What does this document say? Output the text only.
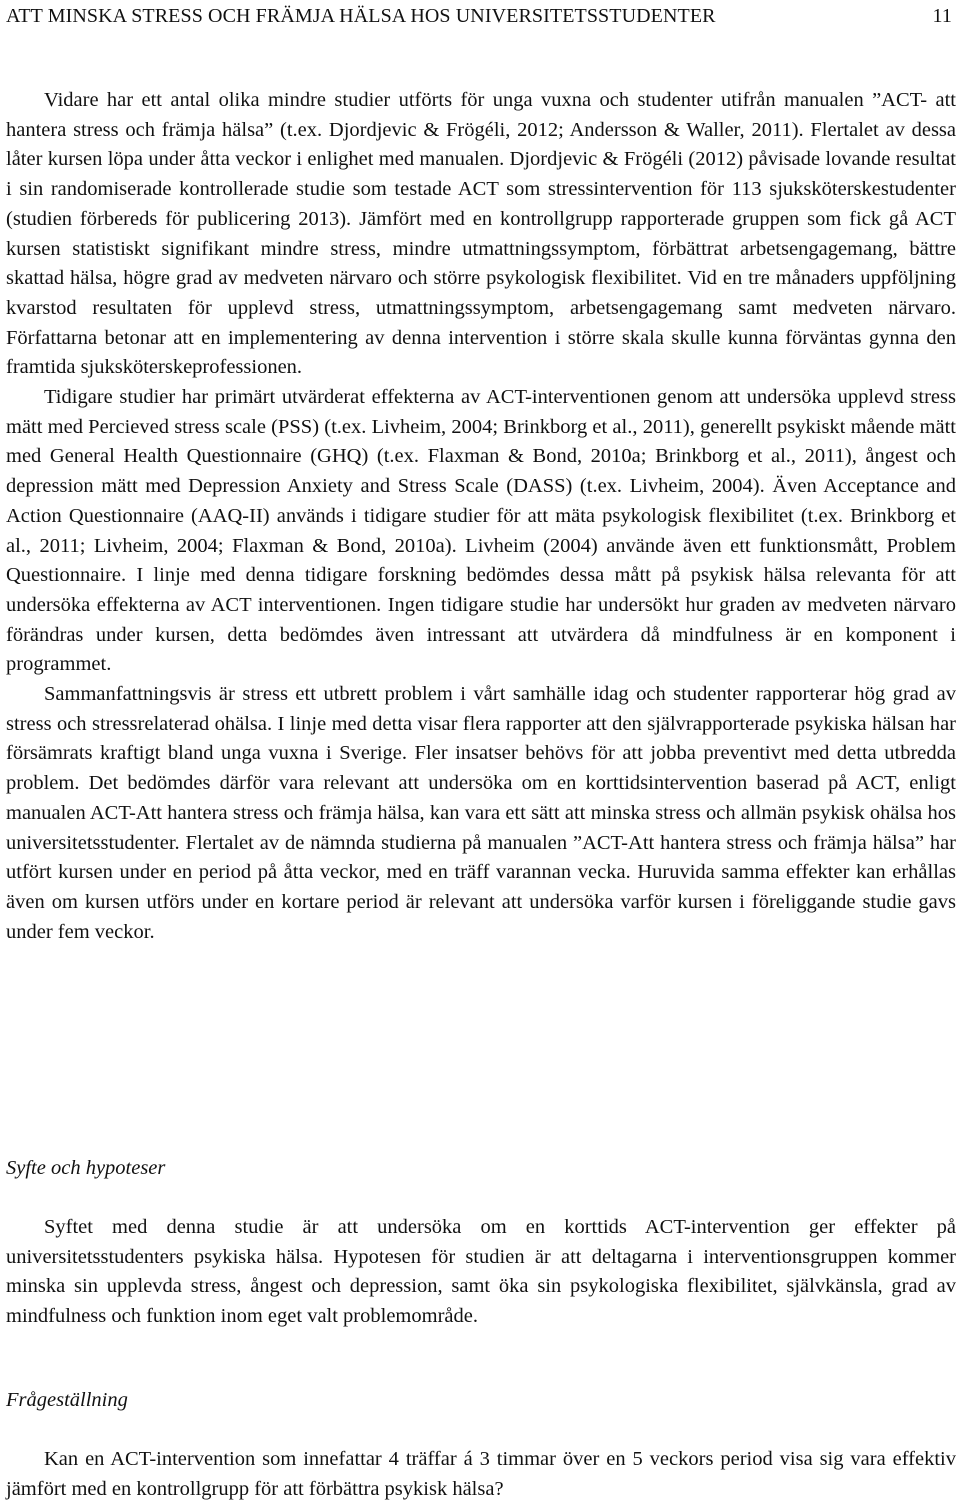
ATT MINSKA STRESS OCH FRÄMJA HÄLSA HOS UNIVERSITETSSTUDENTER	11

Vidare har ett antal olika mindre studier utförts för unga vuxna och studenter utifrån manualen ”ACT- att hantera stress och främja hälsa” (t.ex. Djordjevic & Frögéli, 2012; Andersson & Waller, 2011). Flertalet av dessa låter kursen löpa under åtta veckor i enlighet med manualen. Djordjevic & Frögéli (2012) påvisade lovande resultat i sin randomiserade kontrollerade studie som testade ACT som stressintervention för 113 sjuksköterskestudenter (studien förbereds för publicering 2013). Jämfört med en kontrollgrupp rapporterade gruppen som fick gå ACT kursen statistiskt signifikant mindre stress, mindre utmattningssymptom, förbättrat arbetsengagemang, bättre skattad hälsa, högre grad av medveten närvaro och större psykologisk flexibilitet. Vid en tre månaders uppföljning kvarstod resultaten för upplevd stress, utmattningssymptom, arbetsengagemang samt medveten närvaro. Författarna betonar att en implementering av denna intervention i större skala skulle kunna förväntas gynna den framtida sjuksköterskeprofessionen.

Tidigare studier har primärt utvärderat effekterna av ACT-interventionen genom att undersöka upplevd stress mätt med Percieved stress scale (PSS) (t.ex. Livheim, 2004; Brinkborg et al., 2011), generellt psykiskt mående mätt med General Health Questionnaire (GHQ) (t.ex. Flaxman & Bond, 2010a; Brinkborg et al., 2011), ångest och depression mätt med Depression Anxiety and Stress Scale (DASS) (t.ex. Livheim, 2004). Även Acceptance and Action Questionnaire (AAQ-II) används i tidigare studier för att mäta psykologisk flexibilitet (t.ex. Brinkborg et al., 2011; Livheim, 2004; Flaxman & Bond, 2010a). Livheim (2004) använde även ett funktionsmått, Problem Questionnaire. I linje med denna tidigare forskning bedömdes dessa mått på psykisk hälsa relevanta för att undersöka effekterna av ACT interventionen. Ingen tidigare studie har undersökt hur graden av medveten närvaro förändras under kursen, detta bedömdes även intressant att utvärdera då mindfulness är en komponent i programmet.

Sammanfattningsvis är stress ett utbrett problem i vårt samhälle idag och studenter rapporterar hög grad av stress och stressrelaterad ohälsa. I linje med detta visar flera rapporter att den självrapporterade psykiska hälsan har försämrats kraftigt bland unga vuxna i Sverige. Fler insatser behövs för att jobba preventivt med detta utbredda problem. Det bedömdes därför vara relevant att undersöka om en korttidsintervention baserad på ACT, enligt manualen ACT-Att hantera stress och främja hälsa, kan vara ett sätt att minska stress och allmän psykisk ohälsa hos universitetsstudenter. Flertalet av de nämnda studierna på manualen ”ACT-Att hantera stress och främja hälsa” har utfört kursen under en period på åtta veckor, med en träff varannan vecka. Huruvida samma effekter kan erhållas även om kursen utförs under en kortare period är relevant att undersöka varför kursen i föreliggande studie gavs under fem veckor.

Syfte och hypoteser

Syftet med denna studie är att undersöka om en korttids ACT-intervention ger effekter på universitetsstudenters psykiska hälsa. Hypotesen för studien är att deltagarna i interventionsgruppen kommer minska sin upplevda stress, ångest och depression, samt öka sin psykologiska flexibilitet, självkänsla, grad av mindfulness och funktion inom eget valt problemområde.

Frågeställning

Kan en ACT-intervention som innefattar 4 träffar á 3 timmar över en 5 veckors period visa sig vara effektiv jämfört med en kontrollgrupp för att förbättra psykisk hälsa?
